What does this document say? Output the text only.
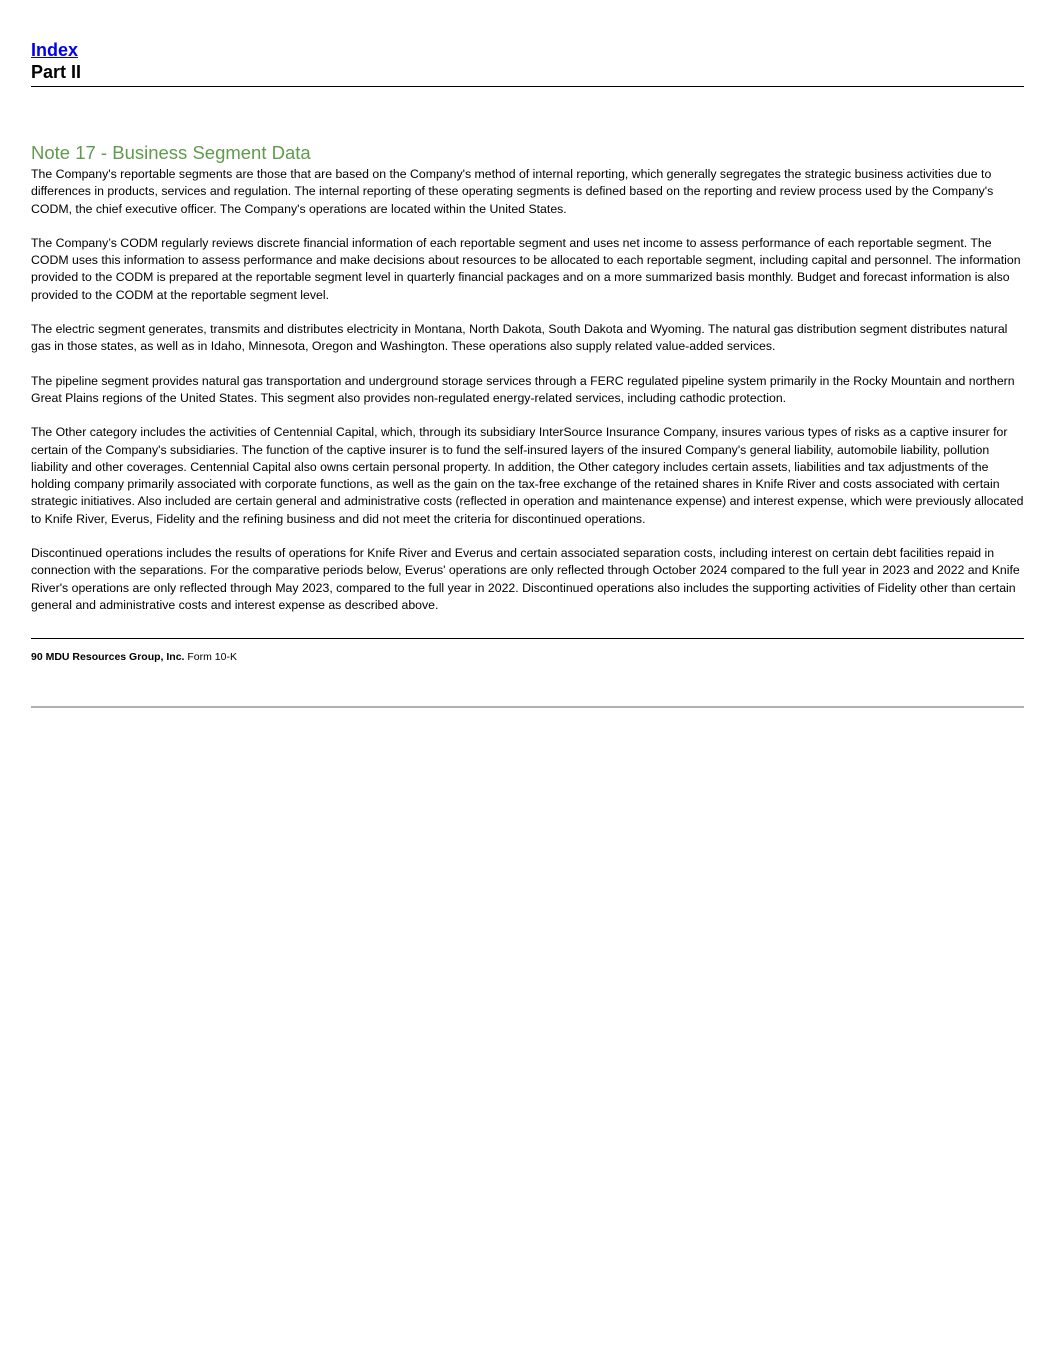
Index
Part II
Note 17 - Business Segment Data

The Company's reportable segments are those that are based on the Company's method of internal reporting, which generally segregates the strategic business activities due to differences in products, services and regulation. The internal reporting of these operating segments is defined based on the reporting and review process used by the Company's CODM, the chief executive officer. The Company's operations are located within the United States.

The Company’s CODM regularly reviews discrete financial information of each reportable segment and uses net income to assess performance of each reportable segment. The CODM uses this information to assess performance and make decisions about resources to be allocated to each reportable segment, including capital and personnel. The information provided to the CODM is prepared at the reportable segment level in quarterly financial packages and on a more summarized basis monthly. Budget and forecast information is also provided to the CODM at the reportable segment level.

The electric segment generates, transmits and distributes electricity in Montana, North Dakota, South Dakota and Wyoming. The natural gas distribution segment distributes natural gas in those states, as well as in Idaho, Minnesota, Oregon and Washington. These operations also supply related value-added services.

The pipeline segment provides natural gas transportation and underground storage services through a FERC regulated pipeline system primarily in the Rocky Mountain and northern Great Plains regions of the United States. This segment also provides non-regulated energy-related services, including cathodic protection.

The Other category includes the activities of Centennial Capital, which, through its subsidiary InterSource Insurance Company, insures various types of risks as a captive insurer for certain of the Company's subsidiaries. The function of the captive insurer is to fund the self-insured layers of the insured Company's general liability, automobile liability, pollution liability and other coverages. Centennial Capital also owns certain personal property. In addition, the Other category includes certain assets, liabilities and tax adjustments of the holding company primarily associated with corporate functions, as well as the gain on the tax-free exchange of the retained shares in Knife River and costs associated with certain strategic initiatives. Also included are certain general and administrative costs (reflected in operation and maintenance expense) and interest expense, which were previously allocated to Knife River, Everus, Fidelity and the refining business and did not meet the criteria for discontinued operations.

Discontinued operations includes the results of operations for Knife River and Everus and certain associated separation costs, including interest on certain debt facilities repaid in connection with the separations. For the comparative periods below, Everus' operations are only reflected through October 2024 compared to the full year in 2023 and 2022 and Knife River's operations are only reflected through May 2023, compared to the full year in 2022. Discontinued operations also includes the supporting activities of Fidelity other than certain general and administrative costs and interest expense as described above.

90 MDU Resources Group, Inc. Form 10-K
